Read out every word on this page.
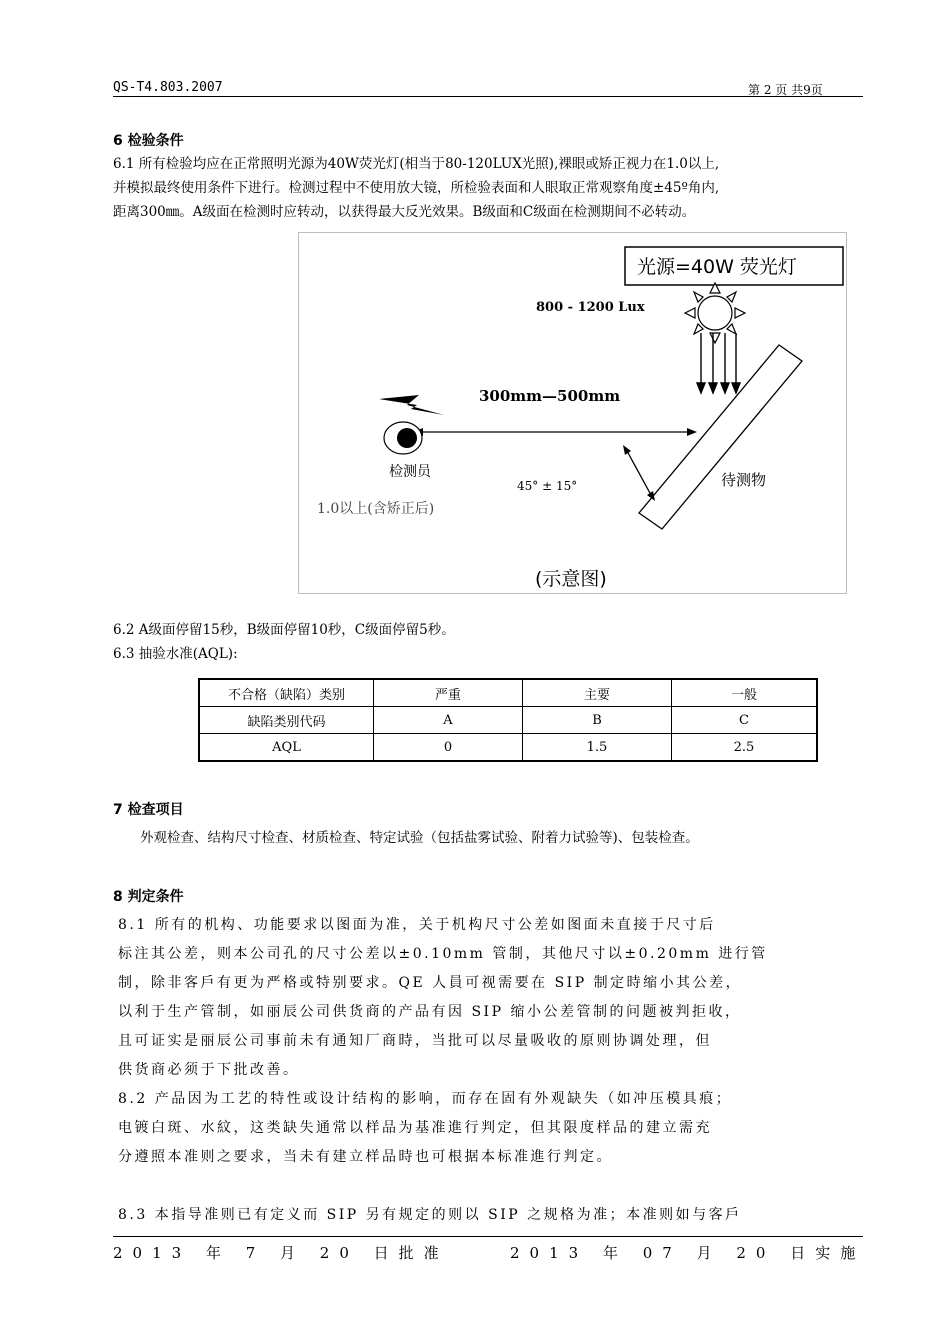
QS-T4.803.2007	第 2 页 共9页
6 检验条件
6.1 所有检验均应在正常照明光源为40W荧光灯(相当于80-120LUX光照),裸眼或矫正视力在1.0以上,
并模拟最终使用条件下进行。检测过程中不使用放大镜，所检验表面和人眼取正常观察角度±45º角内,
距离300㎜。A级面在检测时应转动，以获得最大反光效果。B级面和C级面在检测期间不必转动。
光源=40W 荧光灯
800 - 1200 Lux
待测物
300mm—500mm
检测员
1.0以上(含矫正后)
45° ± 15°
(示意图)
6.2 A级面停留15秒，B级面停留10秒，C级面停留5秒。
6.3 抽验水准(AQL):
不合格（缺陷）类别	严重	主要	一般
缺陷类别代码	A	B	C
AQL	0	1.5	2.5
7 检查项目
外观检查、结构尺寸检查、材质检查、特定试验（包括盐雾试验、附着力试验等)、包装检查。
8 判定条件
8.1 所有的机构、功能要求以图面为准，关于机构尺寸公差如图面未直接于尺寸后
标注其公差，则本公司孔的尺寸公差以±0.10mm 管制，其他尺寸以±0.20mm 进行管
制，除非客戶有更为严格或特别要求。QE 人員可视需要在 SIP 制定時缩小其公差，
以利于生产管制，如丽辰公司供货商的产品有因 SIP 缩小公差管制的问题被判拒收，
且可证实是丽辰公司事前未有通知厂商時，当批可以尽量吸收的原则协调处理，但
供货商必须于下批改善。
8.2 产品因为工艺的特性或设计结构的影响，而存在固有外观缺失（如冲压模具痕；
电镀白斑、水紋，这类缺失通常以样品为基准進行判定，但其限度样品的建立需充
分遵照本准则之要求，当未有建立样品時也可根据本标准進行判定。
8.3 本指导准则已有定义而 SIP 另有规定的则以 SIP 之规格为准；本准则如与客戶
2013 年 7 月 20 日批准	2013 年 07 月 20 日实施
